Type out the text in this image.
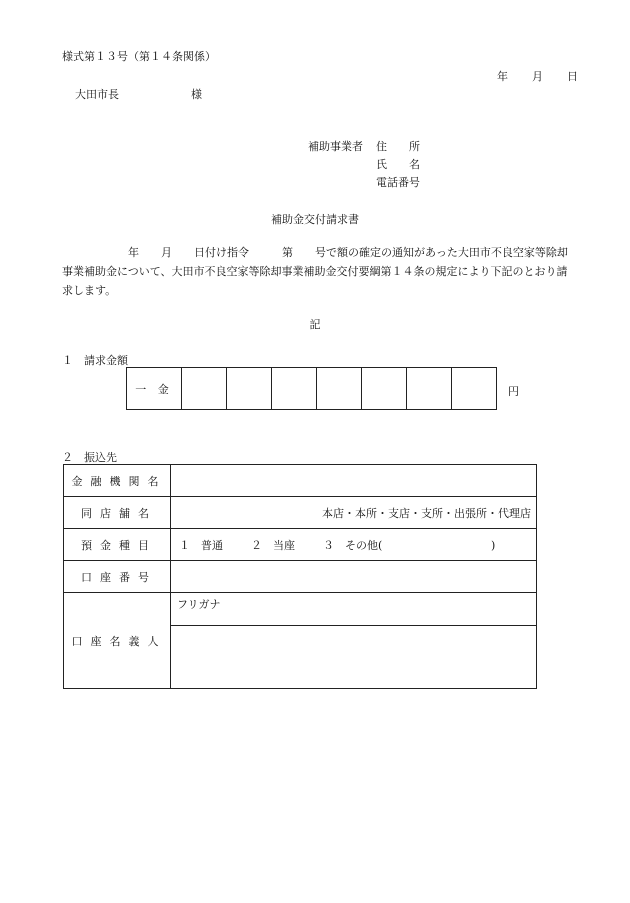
様式第１３号（第１４条関係）
年 月 日
大田市長	様
補助事業者 住　　所
氏　　名
電話番号
補助金交付請求書
　　　　　　年　　月　　日付け指令　　　第　　号で額の確定の通知があった大田市不良空家等除却事業補助金について、大田市不良空家等除却事業補助金交付要綱第１４条の規定により下記のとおり請求します。
記
１　請求金額
一 金	円
２　振込先
金融機関名	
同店舗名	本店・本所・支店・支所・出張所・代理店
預金種目	１　普通 ２　当座 ３　その他( )
口座番号	
口座名義人	フリガナ
